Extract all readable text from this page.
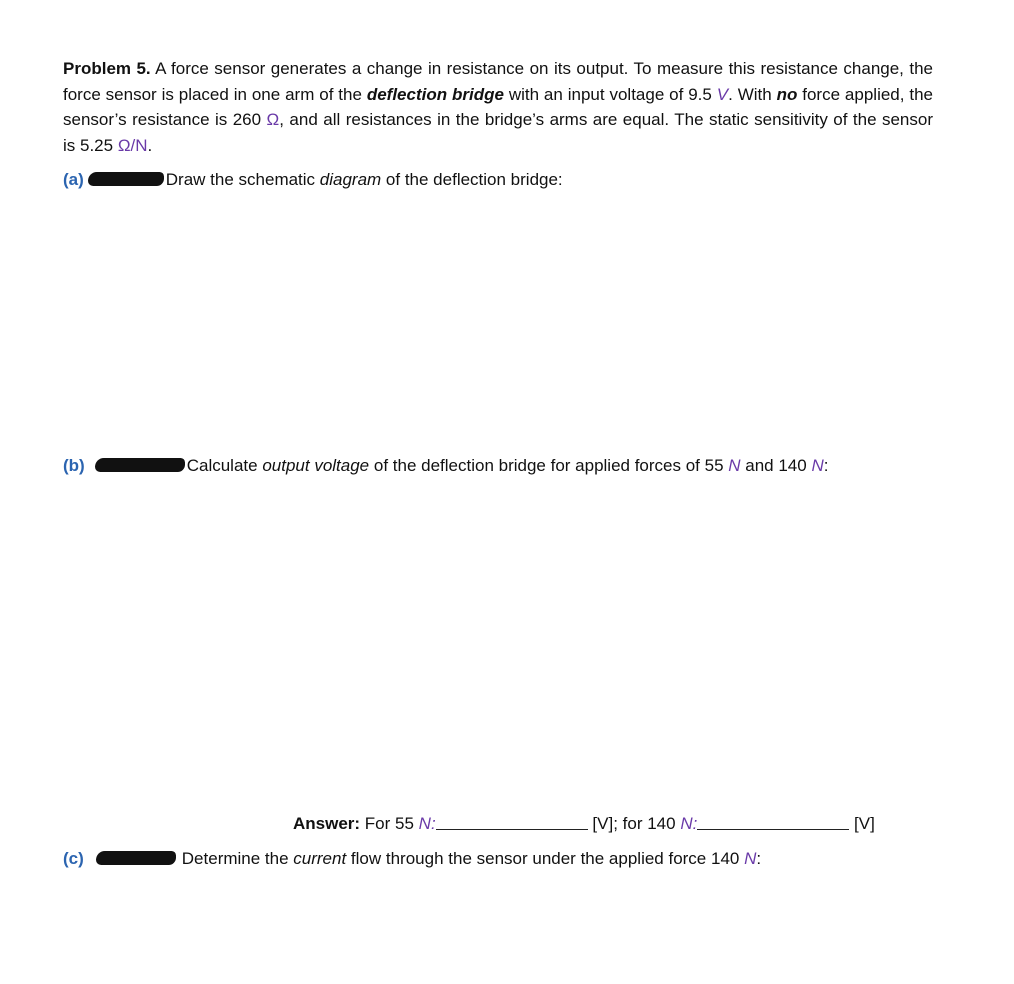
Problem 5. A force sensor generates a change in resistance on its output. To measure this resistance change, the force sensor is placed in one arm of the deflection bridge with an input voltage of 9.5 V. With no force applied, the sensor’s resistance is 260 Ω, and all resistances in the bridge’s arms are equal. The static sensitivity of the sensor is 5.25 Ω/N.
(a)	Draw the schematic diagram of the deflection bridge:
(b)	Calculate output voltage of the deflection bridge for applied forces of 55 N and 140 N:
Answer: For 55 N:	[V]; for 140 N:	[V]
(c)	Determine the current flow through the sensor under the applied force 140 N:
